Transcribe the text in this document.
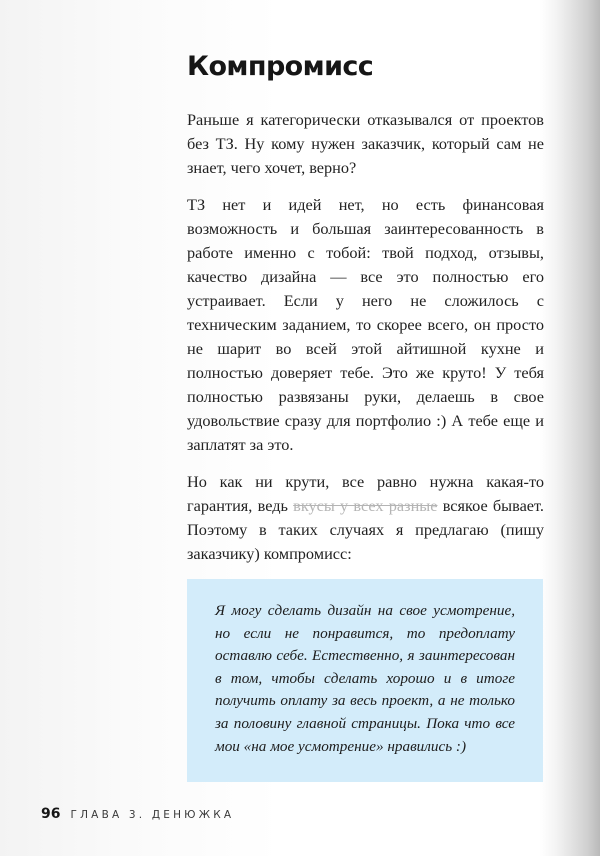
Компромисс

Раньше я категорически отказывался от проектов без ТЗ. Ну кому нужен заказчик, который сам не знает, чего хочет, верно?

ТЗ нет и идей нет, но есть финансовая возможность и большая заинтересованность в работе именно с тобой: твой подход, отзывы, качество дизайна — все это полностью его устраивает. Если у него не сложилось с техническим заданием, то скорее всего, он просто не шарит во всей этой айтишной кухне и полностью доверяет тебе. Это же круто! У тебя полностью развязаны руки, делаешь в свое удовольствие сразу для портфолио :) А тебе еще и заплатят за это.

Но как ни крути, все равно нужна какая-то гарантия, ведь вкусы у всех разные всякое бывает. Поэтому в таких случаях я предлагаю (пишу заказчику) компромисс:

Я могу сделать дизайн на свое усмотрение, но если не понравится, то предоплату оставлю себе. Естественно, я заинтересован в том, чтобы сделать хорошо и в итоге получить оплату за весь проект, а не только за половину главной страницы. Пока что все мои «на мое усмотрение» нравились :)

96 ГЛАВА 3. ДЕНЮЖКА
